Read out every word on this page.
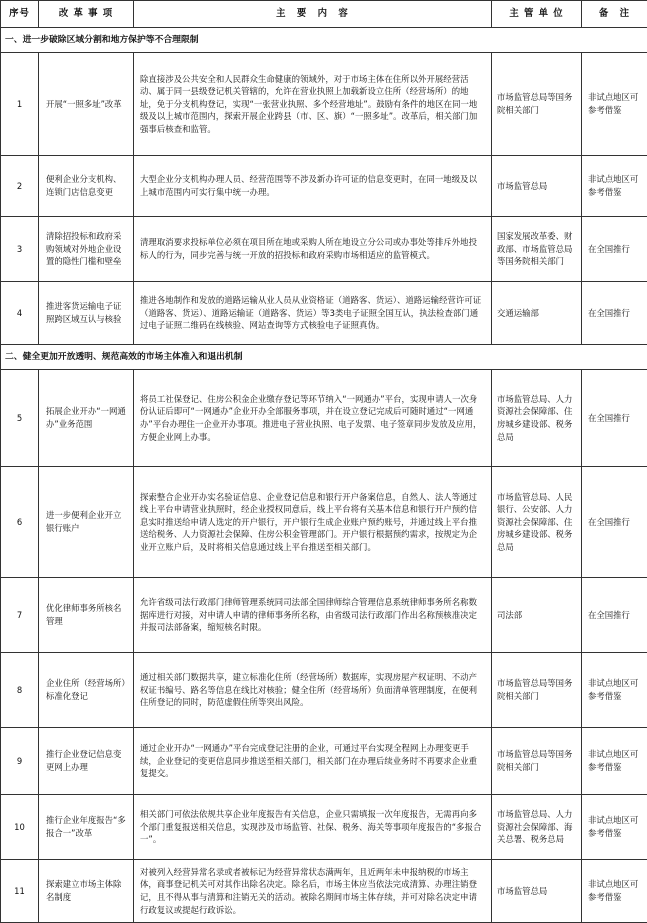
序号	改 革 事 项	主　要　内　容	主 管 单 位	备　注
一、进一步破除区域分割和地方保护等不合理限制				
1	开展“一照多址”改革	除直接涉及公共安全和人民群众生命健康的领域外，对于市场主体在住所以外开展经营活动、属于同一县级登记机关管辖的，允许在营业执照上加载新设立住所（经营场所）的地址，免于分支机构登记，实现“一张营业执照、多个经营地址”。鼓励有条件的地区在同一地级及以上城市范围内，探索开展企业跨县（市、区、旗）“一照多址”。改革后，相关部门加强事后核查和监管。	市场监管总局等国务院相关部门	非试点地区可参考借鉴
2	便利企业分支机构、连锁门店信息变更	大型企业分支机构办理人员、经营范围等不涉及新办许可证的信息变更时，在同一地级及以上城市范围内可实行集中统一办理。	市场监管总局	非试点地区可参考借鉴
3	清除招投标和政府采购领域对外地企业设置的隐性门槛和壁垒	清理取消要求投标单位必须在项目所在地或采购人所在地设立分公司或办事处等排斥外地投标人的行为，同步完善与统一开放的招投标和政府采购市场相适应的监管模式。	国家发展改革委、财政部、市场监管总局等国务院相关部门	在全国推行
4	推进客货运输电子证照跨区域互认与核验	推进各地制作和发放的道路运输从业人员从业资格证（道路客、货运）、道路运输经营许可证（道路客、货运）、道路运输证（道路客、货运）等3类电子证照全国互认，执法检查部门通过电子证照二维码在线核验、网站查询等方式核验电子证照真伪。	交通运输部	在全国推行
二、健全更加开放透明、规范高效的市场主体准入和退出机制				
5	拓展企业开办“一网通办”业务范围	将员工社保登记、住房公积金企业缴存登记等环节纳入“一网通办”平台，实现申请人一次身份认证后即可“一网通办”企业开办全部服务事项，并在设立登记完成后可随时通过“一网通办”平台办理住一企业开办事项。推进电子营业执照、电子发票、电子签章同步发放及应用，方便企业网上办事。	市场监管总局、人力资源社会保障部、住房城乡建设部、税务总局	在全国推行
6	进一步便利企业开立银行账户	探索整合企业开办实名验证信息、企业登记信息和银行开户备案信息，自然人、法人等通过线上平台申请营业执照时，经企业授权同意后，线上平台将有关基本信息和银行开户预约信息实时推送给申请人选定的开户银行，开户银行生成企业账户预约账号，并通过线上平台推送给税务、人力资源社会保障、住房公积金管理部门。开户银行根据预约需求，按规定为企业开立账户后，及时将相关信息通过线上平台推送至相关部门。	市场监管总局、人民银行、公安部、人力资源社会保障部、住房城乡建设部、税务总局	在全国推行
7	优化律师事务所核名管理	允许省级司法行政部门律师管理系统同司法部全国律师综合管理信息系统律师事务所名称数据库进行对接，对申请人申请的律师事务所名称，由省级司法行政部门作出名称预核准决定并报司法部备案，缩短核名时限。	司法部	在全国推行
8	企业住所（经营场所）标准化登记	通过相关部门数据共享，建立标准化住所（经营场所）数据库，实现房屋产权证明、不动产权证书编号、路名等信息在线比对核验；健全住所（经营场所）负面清单管理制度，在便利住所登记的同时，防范虚假住所等突出风险。	市场监管总局等国务院相关部门	非试点地区可参考借鉴
9	推行企业登记信息变更网上办理	通过企业开办“一网通办”平台完成登记注册的企业，可通过平台实现全程网上办理变更手续，企业登记的变更信息同步推送至相关部门，相关部门在办理后续业务时不再要求企业重复提交。	市场监管总局等国务院相关部门	非试点地区可参考借鉴
10	推行企业年度报告“多报合一”改革	相关部门可依法依规共享企业年度报告有关信息，企业只需填报一次年度报告，无需再向多个部门重复报送相关信息，实现涉及市场监管、社保、税务、海关等事项年度报告的“多报合一”。	市场监管总局、人力资源社会保障部、海关总署、税务总局	非试点地区可参考借鉴
11	探索建立市场主体除名制度	对被列入经营异常名录或者被标记为经营异常状态满两年，且近两年未申报纳税的市场主体，商事登记机关可对其作出除名决定。除名后，市场主体应当依法完成清算、办理注销登记，且不得从事与清算和注销无关的活动。被除名期间市场主体存续，并可对除名决定申请行政复议或提起行政诉讼。	市场监管总局	非试点地区可参考借鉴
